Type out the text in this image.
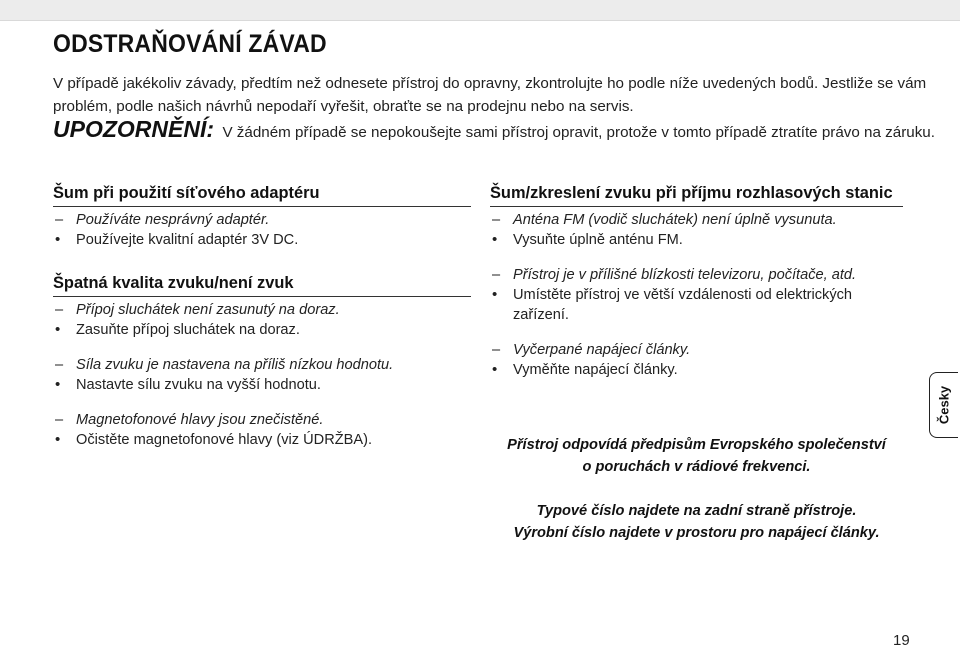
ODSTRAŇOVÁNÍ ZÁVAD

V případě jakékoliv závady, předtím než odnesete přístroj do opravny, zkontrolujte ho podle níže uvedených bodů. Jestliže se vám problém, podle našich návrhů nepodaří vyřešit, obraťte se na prodejnu nebo na servis.

UPOZORNĚNÍ: V žádném případě se nepokoušejte sami přístroj opravit, protože v tomto případě ztratíte právo na záruku.

Šum při použití síťového adaptéru

– Používáte nesprávný adaptér.

• Používejte kvalitní adaptér 3V DC.

Špatná kvalita zvuku/není zvuk

– Přípoj sluchátek není zasunutý na doraz.

• Zasuňte přípoj sluchátek na doraz.

– Síla zvuku je nastavena na příliš nízkou hodnotu.

• Nastavte sílu zvuku na vyšší hodnotu.

– Magnetofonové hlavy jsou znečistěné.

• Očistěte magnetofonové hlavy (viz ÚDRŽBA).

Šum/zkreslení zvuku při příjmu rozhlasových stanic

– Anténa FM (vodič sluchátek) není úplně vysunuta.

• Vysuňte úplně anténu FM.

– Přístroj je v přílišné blízkosti televizoru, počítače, atd.

• Umístěte přístroj ve větší vzdálenosti od elektrických zařízení.

– Vyčerpané napájecí články.

• Vyměňte napájecí články.

Přístroj odpovídá předpisům Evropského společenství
o poruchách v rádiové frekvenci.
Typové číslo najdete na zadní straně přístroje.
Výrobní číslo najdete v prostoru pro napájecí články.
Česky
19
